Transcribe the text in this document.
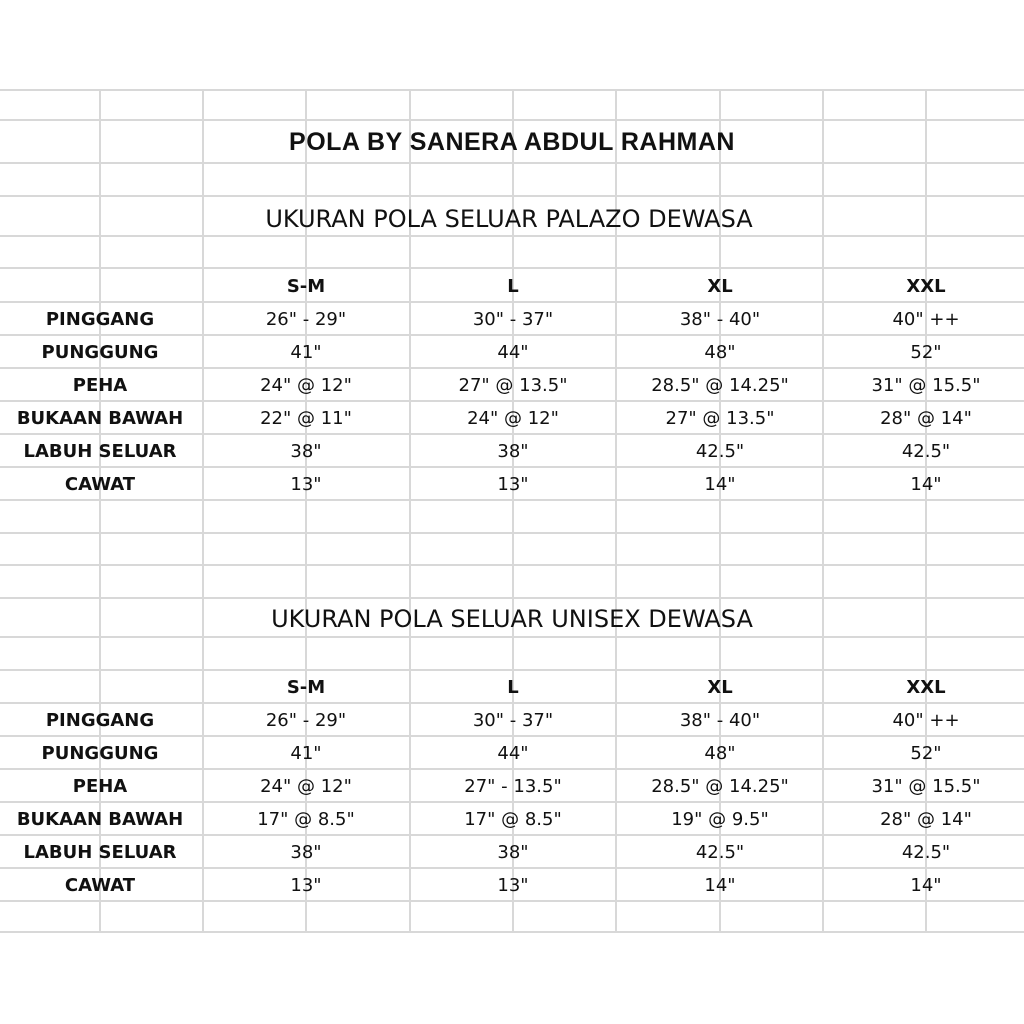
POLA BY SANERA ABDUL RAHMAN
UKURAN POLA SELUAR PALAZO DEWASA
S-M	L	XL	XXL
PINGGANG	26" - 29"	30" - 37"	38" - 40"	40" ++
PUNGGUNG	41"	44"	48"	52"
PEHA	24" @ 12"	27" @ 13.5"	28.5" @ 14.25"	31" @ 15.5"
BUKAAN BAWAH	22" @ 11"	24" @ 12"	27" @ 13.5"	28" @ 14"
LABUH SELUAR	38"	38"	42.5"	42.5"
CAWAT	13"	13"	14"	14"
UKURAN POLA SELUAR UNISEX DEWASA
S-M	L	XL	XXL
PINGGANG	26" - 29"	30" - 37"	38" - 40"	40" ++
PUNGGUNG	41"	44"	48"	52"
PEHA	24" @ 12"	27" - 13.5"	28.5" @ 14.25"	31" @ 15.5"
BUKAAN BAWAH	17" @ 8.5"	17" @ 8.5"	19" @ 9.5"	28" @ 14"
LABUH SELUAR	38"	38"	42.5"	42.5"
CAWAT	13"	13"	14"	14"
